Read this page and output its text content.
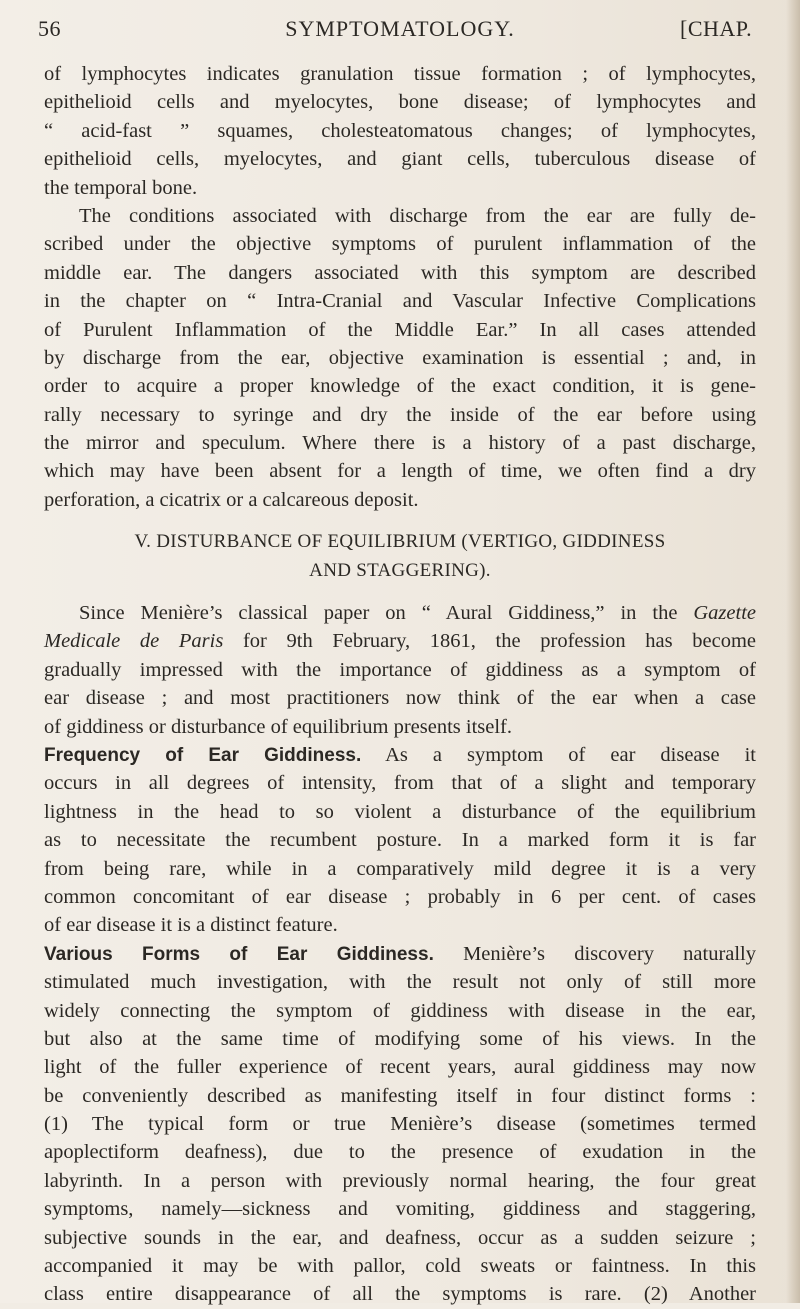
56	SYMPTOMATOLOGY.	[CHAP.
of lymphocytes indicates granulation tissue formation ; of lymphocytes,
epithelioid cells and myelocytes, bone disease; of lymphocytes and
“ acid-fast ” squames, cholesteatomatous changes; of lymphocytes,
epithelioid cells, myelocytes, and giant cells, tuberculous disease of
the temporal bone.
The conditions associated with discharge from the ear are fully de-
scribed under the objective symptoms of purulent inflammation of the
middle ear. The dangers associated with this symptom are described
in the chapter on “ Intra-Cranial and Vascular Infective Complications
of Purulent Inflammation of the Middle Ear.” In all cases attended
by discharge from the ear, objective examination is essential ; and, in
order to acquire a proper knowledge of the exact condition, it is gene-
rally necessary to syringe and dry the inside of the ear before using
the mirror and speculum. Where there is a history of a past discharge,
which may have been absent for a length of time, we often find a dry
perforation, a cicatrix or a calcareous deposit.
V. DISTURBANCE OF EQUILIBRIUM (VERTIGO, GIDDINESS
AND STAGGERING).
Since Menière’s classical paper on “ Aural Giddiness,” in the Gazette
Medicale de Paris for 9th February, 1861, the profession has become
gradually impressed with the importance of giddiness as a symptom of
ear disease ; and most practitioners now think of the ear when a case
of giddiness or disturbance of equilibrium presents itself.
Frequency of Ear Giddiness. As a symptom of ear disease it
occurs in all degrees of intensity, from that of a slight and temporary
lightness in the head to so violent a disturbance of the equilibrium
as to necessitate the recumbent posture. In a marked form it is far
from being rare, while in a comparatively mild degree it is a very
common concomitant of ear disease ; probably in 6 per cent. of cases
of ear disease it is a distinct feature.
Various Forms of Ear Giddiness. Menière’s discovery naturally
stimulated much investigation, with the result not only of still more
widely connecting the symptom of giddiness with disease in the ear,
but also at the same time of modifying some of his views. In the
light of the fuller experience of recent years, aural giddiness may now
be conveniently described as manifesting itself in four distinct forms :
(1) The typical form or true Menière’s disease (sometimes termed
apoplectiform deafness), due to the presence of exudation in the
labyrinth. In a person with previously normal hearing, the four great
symptoms, namely—sickness and vomiting, giddiness and staggering,
subjective sounds in the ear, and deafness, occur as a sudden seizure ;
accompanied it may be with pallor, cold sweats or faintness. In this
class entire disappearance of all the symptoms is rare. (2) Another
